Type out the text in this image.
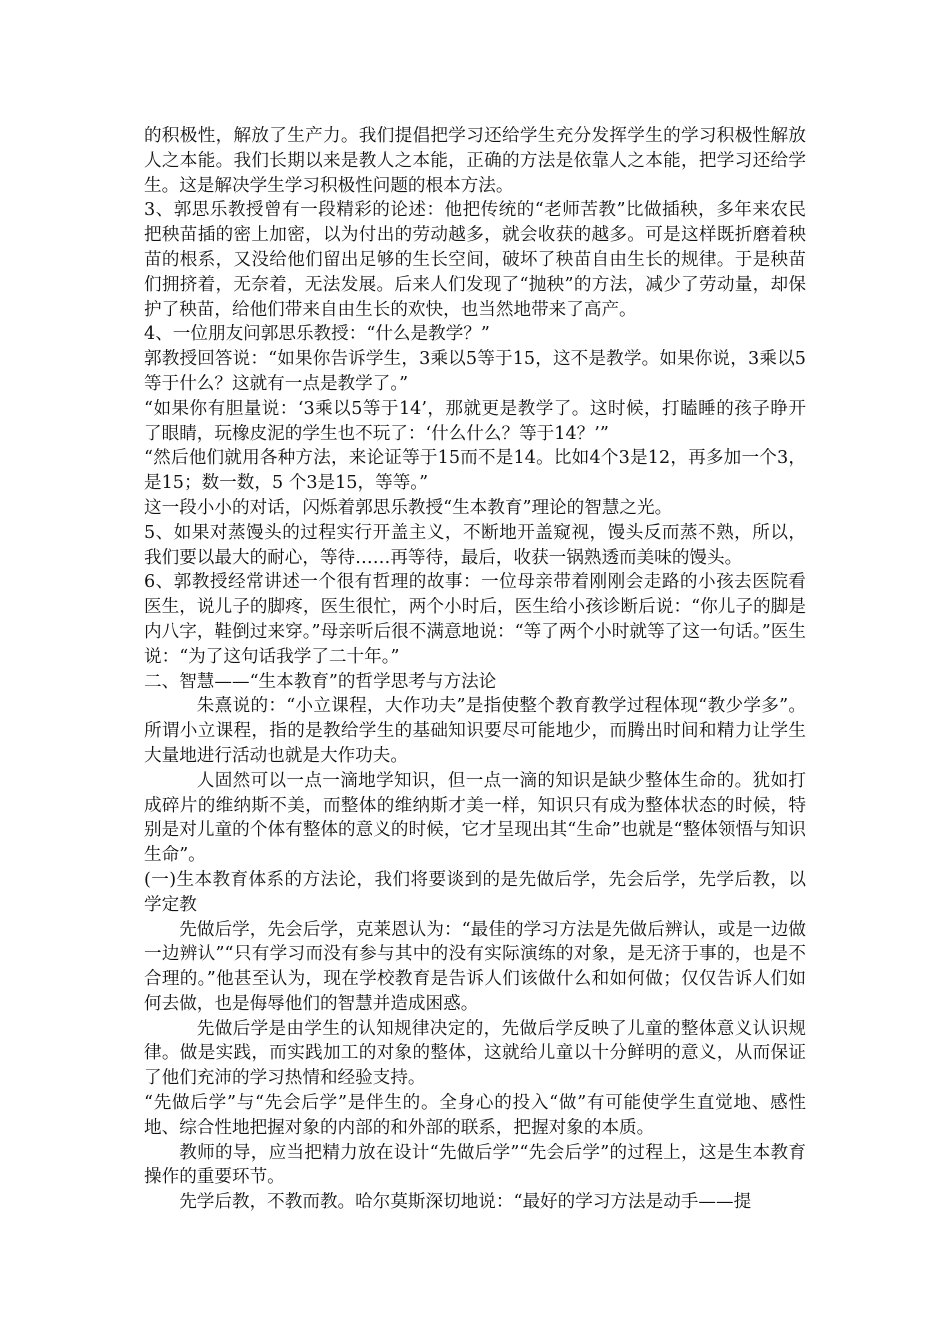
的积极性，解放了生产力。我们提倡把学习还给学生充分发挥学生的学习积极性解放人之本能。我们长期以来是教人之本能，正确的方法是依靠人之本能，把学习还给学生。这是解决学生学习积极性问题的根本方法。

3、郭思乐教授曾有一段精彩的论述：他把传统的“老师苦教”比做插秧，多年来农民把秧苗插的密上加密，以为付出的劳动越多，就会收获的越多。可是这样既折磨着秧苗的根系，又没给他们留出足够的生长空间，破坏了秧苗自由生长的规律。于是秧苗们拥挤着，无奈着，无法发展。后来人们发现了“抛秧”的方法，减少了劳动量，却保护了秧苗，给他们带来自由生长的欢快，也当然地带来了高产。

4、一位朋友问郭思乐教授：“什么是教学？”

郭教授回答说：“如果你告诉学生，3乘以5等于15，这不是教学。如果你说，3乘以5等于什么？这就有一点是教学了。”

“如果你有胆量说：‘3乘以5等于14’，那就更是教学了。这时候，打瞌睡的孩子睁开了眼睛，玩橡皮泥的学生也不玩了：‘什么什么？等于14？’”

“然后他们就用各种方法，来论证等于15而不是14。比如4个3是12，再多加一个3，是15；数一数，5 个3是15，等等。”

这一段小小的对话，闪烁着郭思乐教授“生本教育”理论的智慧之光。

5、如果对蒸馒头的过程实行开盖主义，不断地开盖窥视，馒头反而蒸不熟，所以，我们要以最大的耐心，等待……再等待，最后，收获一锅熟透而美味的馒头。

6、郭教授经常讲述一个很有哲理的故事：一位母亲带着刚刚会走路的小孩去医院看医生，说儿子的脚疼，医生很忙，两个小时后，医生给小孩诊断后说：“你儿子的脚是内八字，鞋倒过来穿。”母亲听后很不满意地说：“等了两个小时就等了这一句话。”医生说：“为了这句话我学了二十年。”

二、智慧——“生本教育”的哲学思考与方法论

朱熹说的：“小立课程，大作功夫”是指使整个教育教学过程体现“教少学多”。所谓小立课程，指的是教给学生的基础知识要尽可能地少，而腾出时间和精力让学生大量地进行活动也就是大作功夫。

人固然可以一点一滴地学知识，但一点一滴的知识是缺少整体生命的。犹如打成碎片的维纳斯不美，而整体的维纳斯才美一样，知识只有成为整体状态的时候，特别是对儿童的个体有整体的意义的时候，它才呈现出其“生命”也就是“整体领悟与知识生命”。

(一)生本教育体系的方法论，我们将要谈到的是先做后学，先会后学，先学后教，以学定教

先做后学，先会后学，克莱恩认为：“最佳的学习方法是先做后辨认，或是一边做一边辨认”“只有学习而没有参与其中的没有实际演练的对象，是无济于事的，也是不合理的。”他甚至认为，现在学校教育是告诉人们该做什么和如何做；仅仅告诉人们如何去做，也是侮辱他们的智慧并造成困惑。

先做后学是由学生的认知规律决定的，先做后学反映了儿童的整体意义认识规律。做是实践，而实践加工的对象的整体，这就给儿童以十分鲜明的意义，从而保证了他们充沛的学习热情和经验支持。

“先做后学”与“先会后学”是伴生的。全身心的投入“做”有可能使学生直觉地、感性地、综合性地把握对象的内部的和外部的联系，把握对象的本质。

教师的导，应当把精力放在设计“先做后学”“先会后学”的过程上，这是生本教育操作的重要环节。

先学后教，不教而教。哈尔莫斯深切地说：“最好的学习方法是动手——提
